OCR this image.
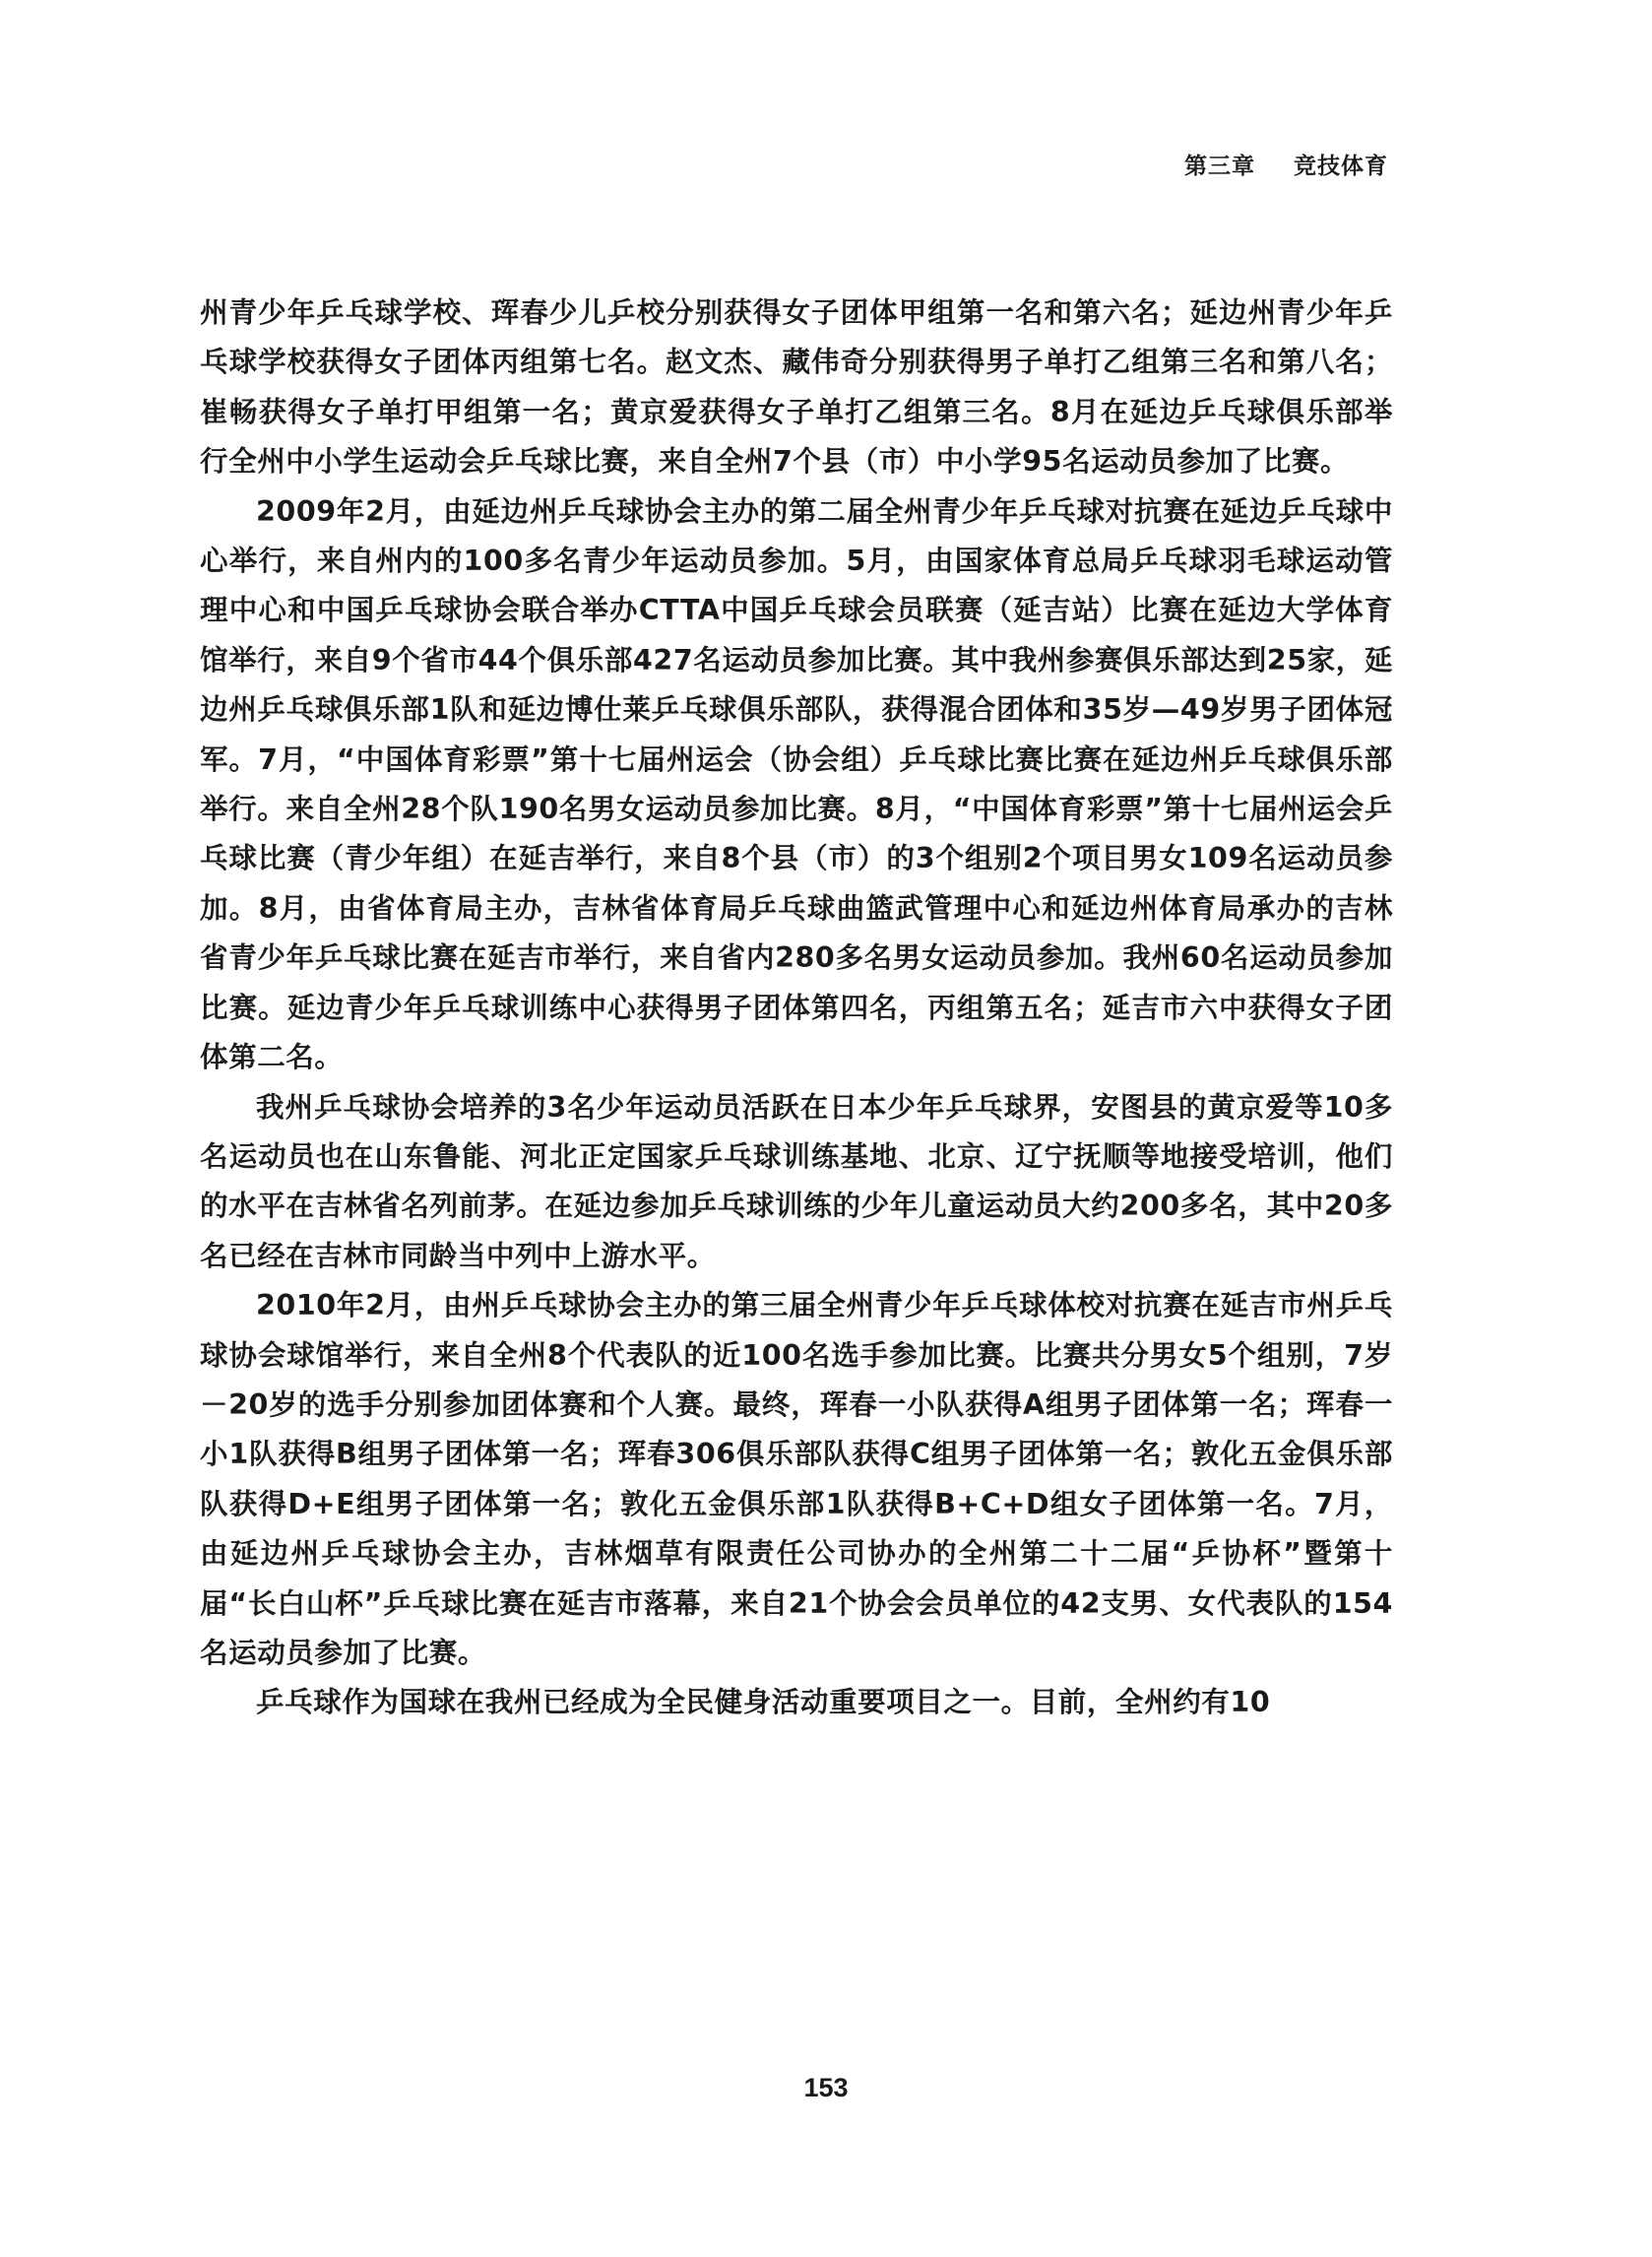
第三章 竞技体育

州青少年乒乓球学校、珲春少儿乒校分别获得女子团体甲组第一名和第六名；延边州青少年乒乓球学校获得女子团体丙组第七名。赵文杰、藏伟奇分别获得男子单打乙组第三名和第八名；崔畅获得女子单打甲组第一名；黄京爱获得女子单打乙组第三名。8月在延边乒乓球俱乐部举行全州中小学生运动会乒乓球比赛，来自全州7个县（市）中小学95名运动员参加了比赛。

2009年2月，由延边州乒乓球协会主办的第二届全州青少年乒乓球对抗赛在延边乒乓球中心举行，来自州内的100多名青少年运动员参加。5月，由国家体育总局乒乓球羽毛球运动管理中心和中国乒乓球协会联合举办CTTA中国乒乓球会员联赛（延吉站）比赛在延边大学体育馆举行，来自9个省市44个俱乐部427名运动员参加比赛。其中我州参赛俱乐部达到25家，延边州乒乓球俱乐部1队和延边博仕莱乒乓球俱乐部队，获得混合团体和35岁—49岁男子团体冠军。7月，“中国体育彩票”第十七届州运会（协会组）乒乓球比赛比赛在延边州乒乓球俱乐部举行。来自全州28个队190名男女运动员参加比赛。8月，“中国体育彩票”第十七届州运会乒乓球比赛（青少年组）在延吉举行，来自8个县（市）的3个组别2个项目男女109名运动员参加。8月，由省体育局主办，吉林省体育局乒乓球曲篮武管理中心和延边州体育局承办的吉林省青少年乒乓球比赛在延吉市举行，来自省内280多名男女运动员参加。我州60名运动员参加比赛。延边青少年乒乓球训练中心获得男子团体第四名，丙组第五名；延吉市六中获得女子团体第二名。

我州乒乓球协会培养的3名少年运动员活跃在日本少年乒乓球界，安图县的黄京爱等10多名运动员也在山东鲁能、河北正定国家乒乓球训练基地、北京、辽宁抚顺等地接受培训，他们的水平在吉林省名列前茅。在延边参加乒乓球训练的少年儿童运动员大约200多名，其中20多名已经在吉林市同龄当中列中上游水平。

2010年2月，由州乒乓球协会主办的第三届全州青少年乒乓球体校对抗赛在延吉市州乒乓球协会球馆举行，来自全州8个代表队的近100名选手参加比赛。比赛共分男女5个组别，7岁－20岁的选手分别参加团体赛和个人赛。最终，珲春一小队获得A组男子团体第一名；珲春一小1队获得B组男子团体第一名；珲春306俱乐部队获得C组男子团体第一名；敦化五金俱乐部队获得D+E组男子团体第一名；敦化五金俱乐部1队获得B+C+D组女子团体第一名。7月，由延边州乒乓球协会主办，吉林烟草有限责任公司协办的全州第二十二届“乒协杯”暨第十届“长白山杯”乒乓球比赛在延吉市落幕，来自21个协会会员单位的42支男、女代表队的154名运动员参加了比赛。

乒乓球作为国球在我州已经成为全民健身活动重要项目之一。目前，全州约有10

153
